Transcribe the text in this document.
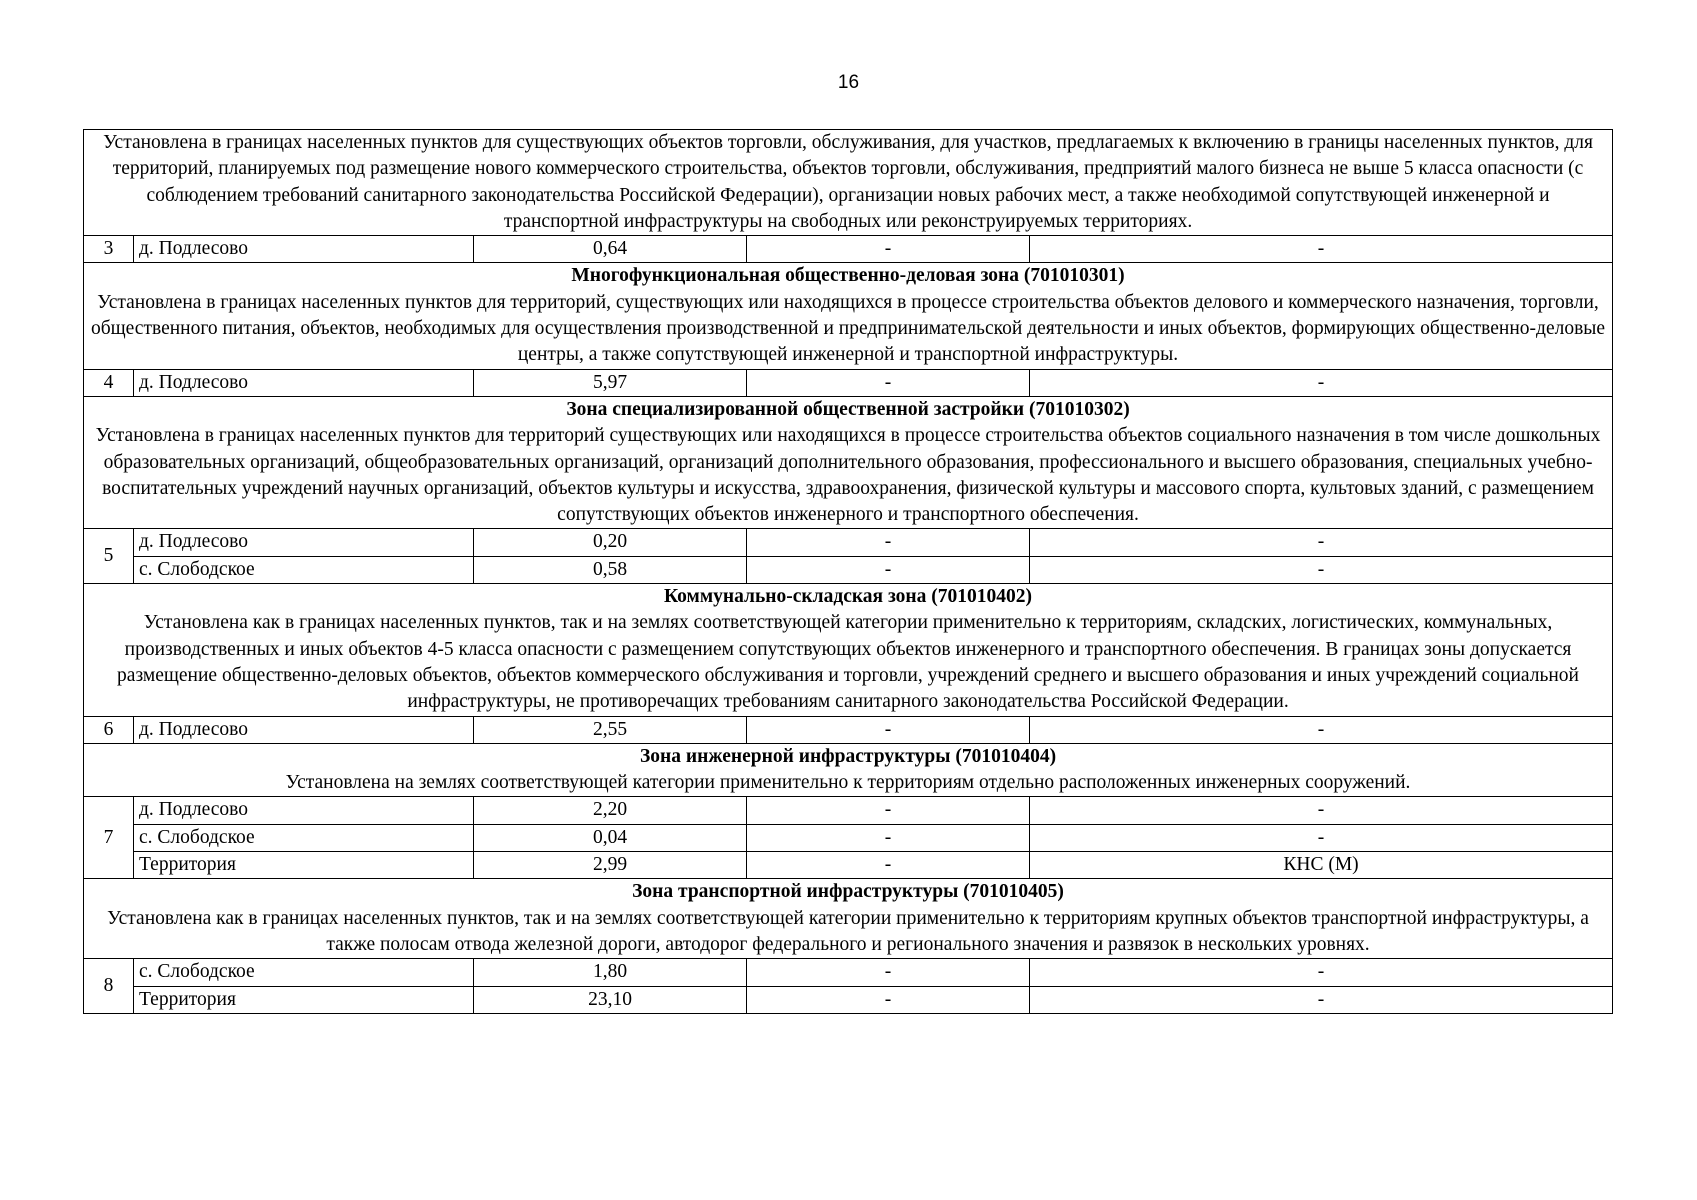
16
Установлена в границах населенных пунктов для существующих объектов торговли, обслуживания, для участков, предлагаемых к включению в границы населенных пунктов, для территорий, планируемых под размещение нового коммерческого строительства, объектов торговли, обслуживания, предприятий малого бизнеса не выше 5 класса опасности (с соблюдением требований санитарного законодательства Российской Федерации), организации новых рабочих мест, а также необходимой сопутствующей инженерной и транспортной инфраструктуры на свободных или реконструируемых территориях.				

3	д. Подлесово	0,64	-	-

Многофункциональная общественно-деловая зона (701010301)
Установлена в границах населенных пунктов для территорий, существующих или находящихся в процессе строительства объектов делового и коммерческого назначения, торговли, общественного питания, объектов, необходимых для осуществления производственной и предпринимательской деятельности и иных объектов, формирующих общественно-деловые центры, а также сопутствующей инженерной и транспортной инфраструктуры.				

4	д. Подлесово	5,97	-	-

Зона специализированной общественной застройки (701010302)
Установлена в границах населенных пунктов для территорий существующих или находящихся в процессе строительства объектов социального назначения в том числе дошкольных образовательных организаций, общеобразовательных организаций, организаций дополнительного образования, профессионального и высшего образования, специальных учебно-воспитательных учреждений научных организаций, объектов культуры и искусства, здравоохранения, физической культуры и массового спорта, культовых зданий, с размещением сопутствующих объектов инженерного и транспортного обеспечения.				

5	д. Подлесово	0,20	-	-
	с. Слободское	0,58	-	-

Коммунально-складская зона (701010402)
Установлена как в границах населенных пунктов, так и на землях соответствующей категории применительно к территориям, складских, логистических, коммунальных, производственных и иных объектов 4-5 класса опасности с размещением сопутствующих объектов инженерного и транспортного обеспечения. В границах зоны допускается размещение общественно-деловых объектов, объектов коммерческого обслуживания и торговли, учреждений среднего и высшего образования и иных учреждений социальной инфраструктуры, не противоречащих требованиям санитарного законодательства Российской Федерации.				

6	д. Подлесово	2,55	-	-

Зона инженерной инфраструктуры (701010404)
Установлена на землях соответствующей категории применительно к территориям отдельно расположенных инженерных сооружений.				

7	д. Подлесово	2,20	-	-
	с. Слободское	0,04	-	-
	Территория	2,99	-	КНС (М)

Зона транспортной инфраструктуры (701010405)
Установлена как в границах населенных пунктов, так и на землях соответствующей категории применительно к территориям крупных объектов транспортной инфраструктуры, а также полосам отвода железной дороги, автодорог федерального и регионального значения и развязок в нескольких уровнях.				

8	с. Слободское	1,80	-	-
	Территория	23,10	-	-
